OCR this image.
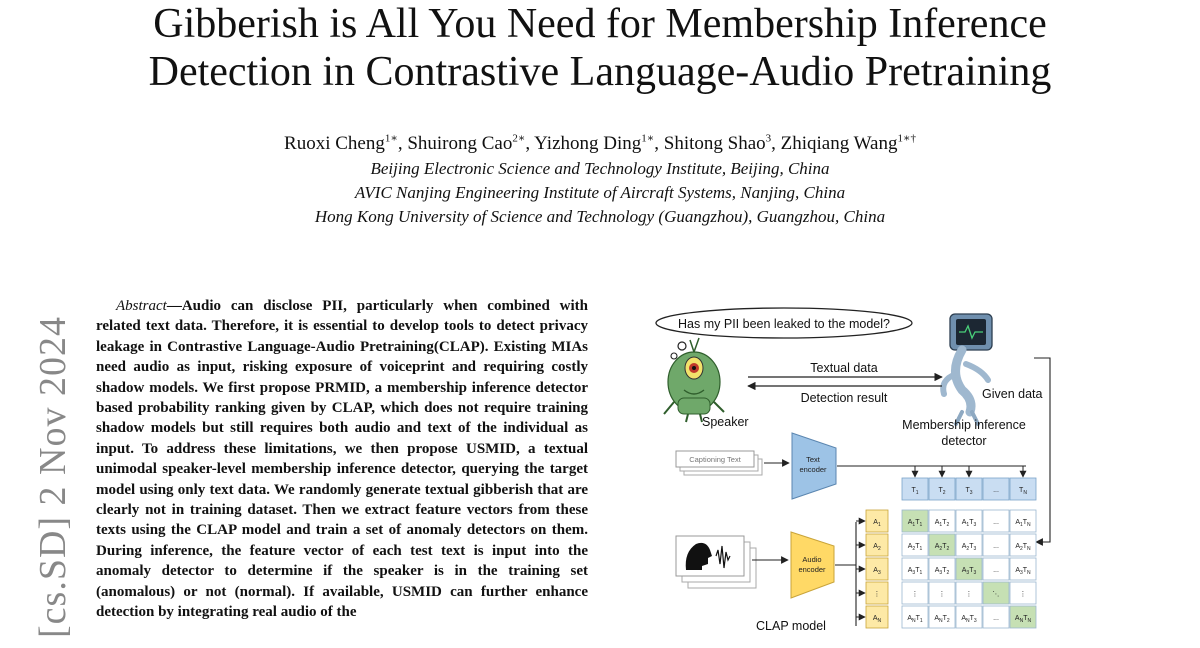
Gibberish is All You Need for Membership Inference
Detection in Contrastive Language-Audio Pretraining
Ruoxi Cheng$^{1∗}$, Shuirong Cao$^{2∗}$, Yizhong Ding$^{1∗}$, Shitong Shao$^3$, Zhiqiang Wang$^{1∗\dagger}$
Beijing Electronic Science and Technology Institute, Beijing, China
AVIC Nanjing Engineering Institute of Aircraft Systems, Nanjing, China
Hong Kong University of Science and Technology (Guangzhou), Guangzhou, China
[cs.SD] 2 Nov 2024

Abstract—Audio can disclose PII, particularly when combined with related text data. Therefore, it is essential to develop tools to detect privacy leakage in Contrastive Language-Audio Pretraining(CLAP). Existing MIAs need audio as input, risking exposure of voiceprint and requiring costly shadow models. We first propose PRMID, a membership inference detector based probability ranking given by CLAP, which does not require training shadow models but still requires both audio and text of the individual as input. To address these limitations, we then propose USMID, a textual unimodal speaker-level membership inference detector, querying the target model using only text data. We randomly generate textual gibberish that are clearly not in training dataset. Then we extract feature vectors from these texts using the CLAP model and train a set of anomaly detectors on them. During inference, the feature vector of each test text is input into the anomaly detector to determine if the speaker is in the training set (anomalous) or not (normal). If available, USMID can further enhance detection by integrating real audio of the

Has my PII been leaked to the model?
Speaker
Given data
Textual data
Detection result
Membership inference
detector
Captioning Text	Text
encoder
Audio
encoder
CLAP model
$T_1$	$T_2$	$T_3$	...	$T_N$
$A_1$
$A_2$
$A_3$
⋮
$A_N$
$A_1T_1$ $A_1T_2$ $A_1T_3$ ... $A_1T_N$
$A_2T_1$ $A_2T_2$ $A_2T_3$ ... $A_2T_N$
$A_3T_1$ $A_3T_2$ $A_3T_3$ ... $A_3T_N$
⋮	⋮	⋮	⋱	⋮
$A_NT_1$ $A_NT_2$ $A_NT_3$ ... $A_NT_N$
